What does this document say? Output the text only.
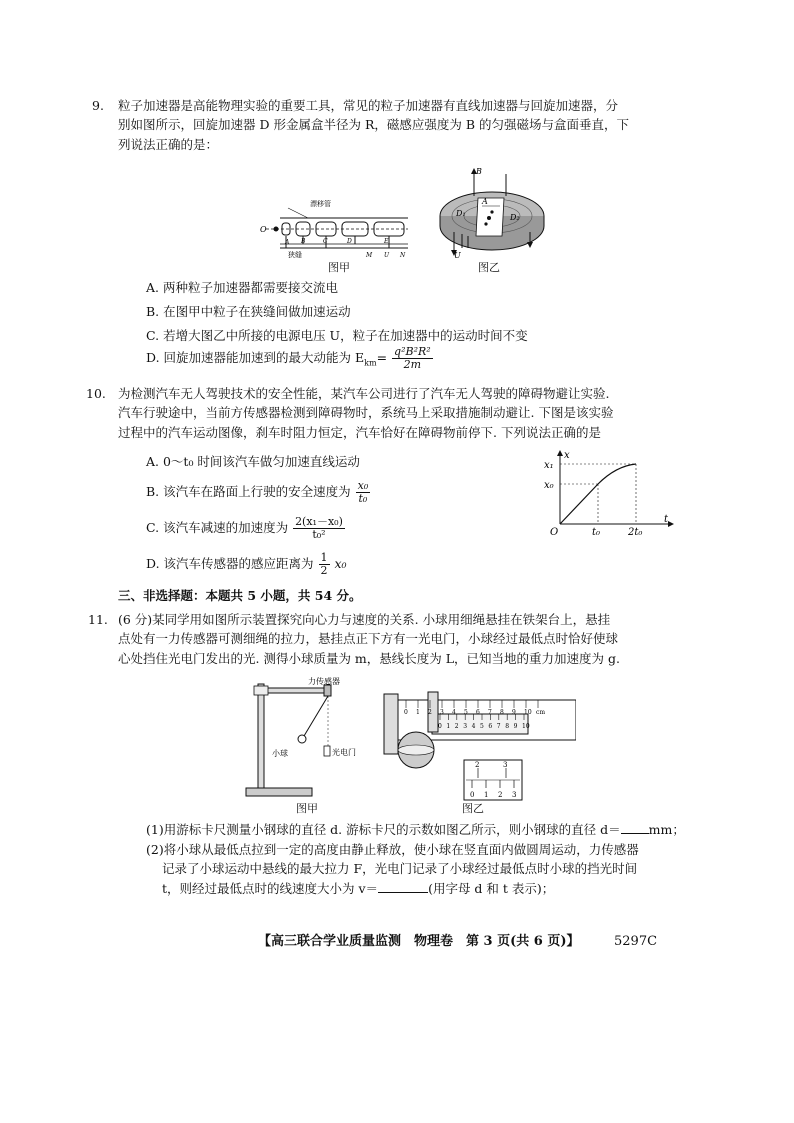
9. 粒子加速器是高能物理实验的重要工具，常见的粒子加速器有直线加速器与回旋加速器，分
别如图所示，回旋加速器 D 形金属盒半径为 R，磁感应强度为 B 的匀强磁场与盒面垂直，下
列说法正确的是：
漂移管
O
A B	C	D	E
狭缝	M U N
图甲
B
A
D₁	D₂
U
图乙
A. 两种粒子加速器都需要接交流电
B. 在图甲中粒子在狭缝间做加速运动
C. 若增大图乙中所接的电源电压 U，粒子在加速器中的运动时间不变
D. 回旋加速器能加速到的最大动能为 $E_{km}= \frac{\text{q²B²R²}}{2m}$
10. 为检测汽车无人驾驶技术的安全性能，某汽车公司进行了汽车无人驾驶的障碍物避让实验.
汽车行驶途中，当前方传感器检测到障碍物时，系统马上采取措施制动避让. 下图是该实验
过程中的汽车运动图像，刹车时阻力恒定，汽车恰好在障碍物前停下. 下列说法正确的是
A. 0～t₀ 时间该汽车做匀加速直线运动
B. 该汽车在路面上行驶的安全速度为 $\frac{\text{x₀}}{\text{t₀}}$
C. 该汽车减速的加速度为 $\frac{\text{2(x₁－x₀)}}{\text{t₀²}}$
D. 该汽车传感器的感应距离为 $\frac{1}{2} x_0$
t
x
O	t₀	2t₀
x₁
x₀
三、非选择题：本题共 5 小题，共 54 分。
11. (6 分)某同学用如图所示装置探究向心力与速度的关系. 小球用细绳悬挂在铁架台上，悬挂
点处有一力传感器可测细绳的拉力，悬挂点正下方有一光电门，小球经过最低点时恰好使球
心处挡住光电门发出的光. 测得小球质量为 m，悬线长度为 L，已知当地的重力加速度为 g.
力传感器
小球	光电门
图甲
0 1 2 3 4 5 6 7 8 9 10 cm
0 1 2 3 4 5 6 7 8 9 10
2	3
0 1 2 3
图乙
(1)用游标卡尺测量小钢球的直径 d. 游标卡尺的示数如图乙所示，则小钢球的直径 d＝ mm；
(2)将小球从最低点拉到一定的高度由静止释放，使小球在竖直面内做圆周运动，力传感器
记录了小球运动中悬线的最大拉力 F，光电门记录了小球经过最低点时小球的挡光时间
t，则经过最低点时的线速度大小为 v＝	(用字母 d 和 t 表示)；
【高三联合学业质量监测　物理卷　第 3 页(共 6 页)】	5297C
